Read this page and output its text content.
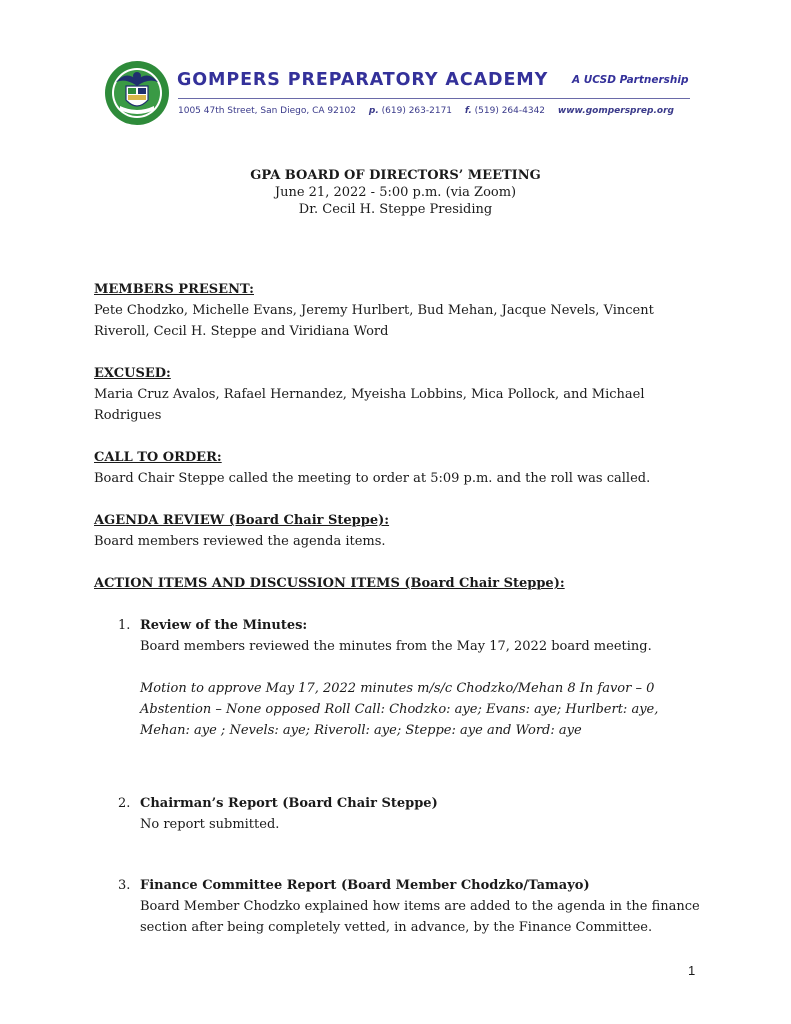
GOMPERS PREPARATORY ACADEMY A UCSD Partnership
1005 47th Street, San Diego, CA 92102 p. (619) 263-2171 f. (519) 264-4342 www.gompersprep.org
GPA BOARD OF DIRECTORS’ MEETING
June 21, 2022 - 5:00 p.m. (via Zoom)
Dr. Cecil H. Steppe Presiding
MEMBERS PRESENT:

Pete Chodzko, Michelle Evans, Jeremy Hurlbert, Bud Mehan, Jacque Nevels, Vincent Riveroll, Cecil H. Steppe and Viridiana Word

EXCUSED:

Maria Cruz Avalos, Rafael Hernandez, Myeisha Lobbins, Mica Pollock, and Michael Rodrigues

CALL TO ORDER:

Board Chair Steppe called the meeting to order at 5:09 p.m. and the roll was called.

AGENDA REVIEW (Board Chair Steppe):

Board members reviewed the agenda items.

ACTION ITEMS AND DISCUSSION ITEMS (Board Chair Steppe):
1. Review of the Minutes:
Board members reviewed the minutes from the May 17, 2022 board meeting.
Motion to approve May 17, 2022 minutes m/s/c Chodzko/Mehan 8 In favor – 0 Abstention – None opposed Roll Call: Chodzko: aye; Evans: aye; Hurlbert: aye, Mehan: aye ; Nevels: aye; Riveroll: aye; Steppe: aye and Word: aye
2. Chairman’s Report (Board Chair Steppe)
No report submitted.
3. Finance Committee Report (Board Member Chodzko/Tamayo)
Board Member Chodzko explained how items are added to the agenda in the finance section after being completely vetted, in advance, by the Finance Committee.
1
